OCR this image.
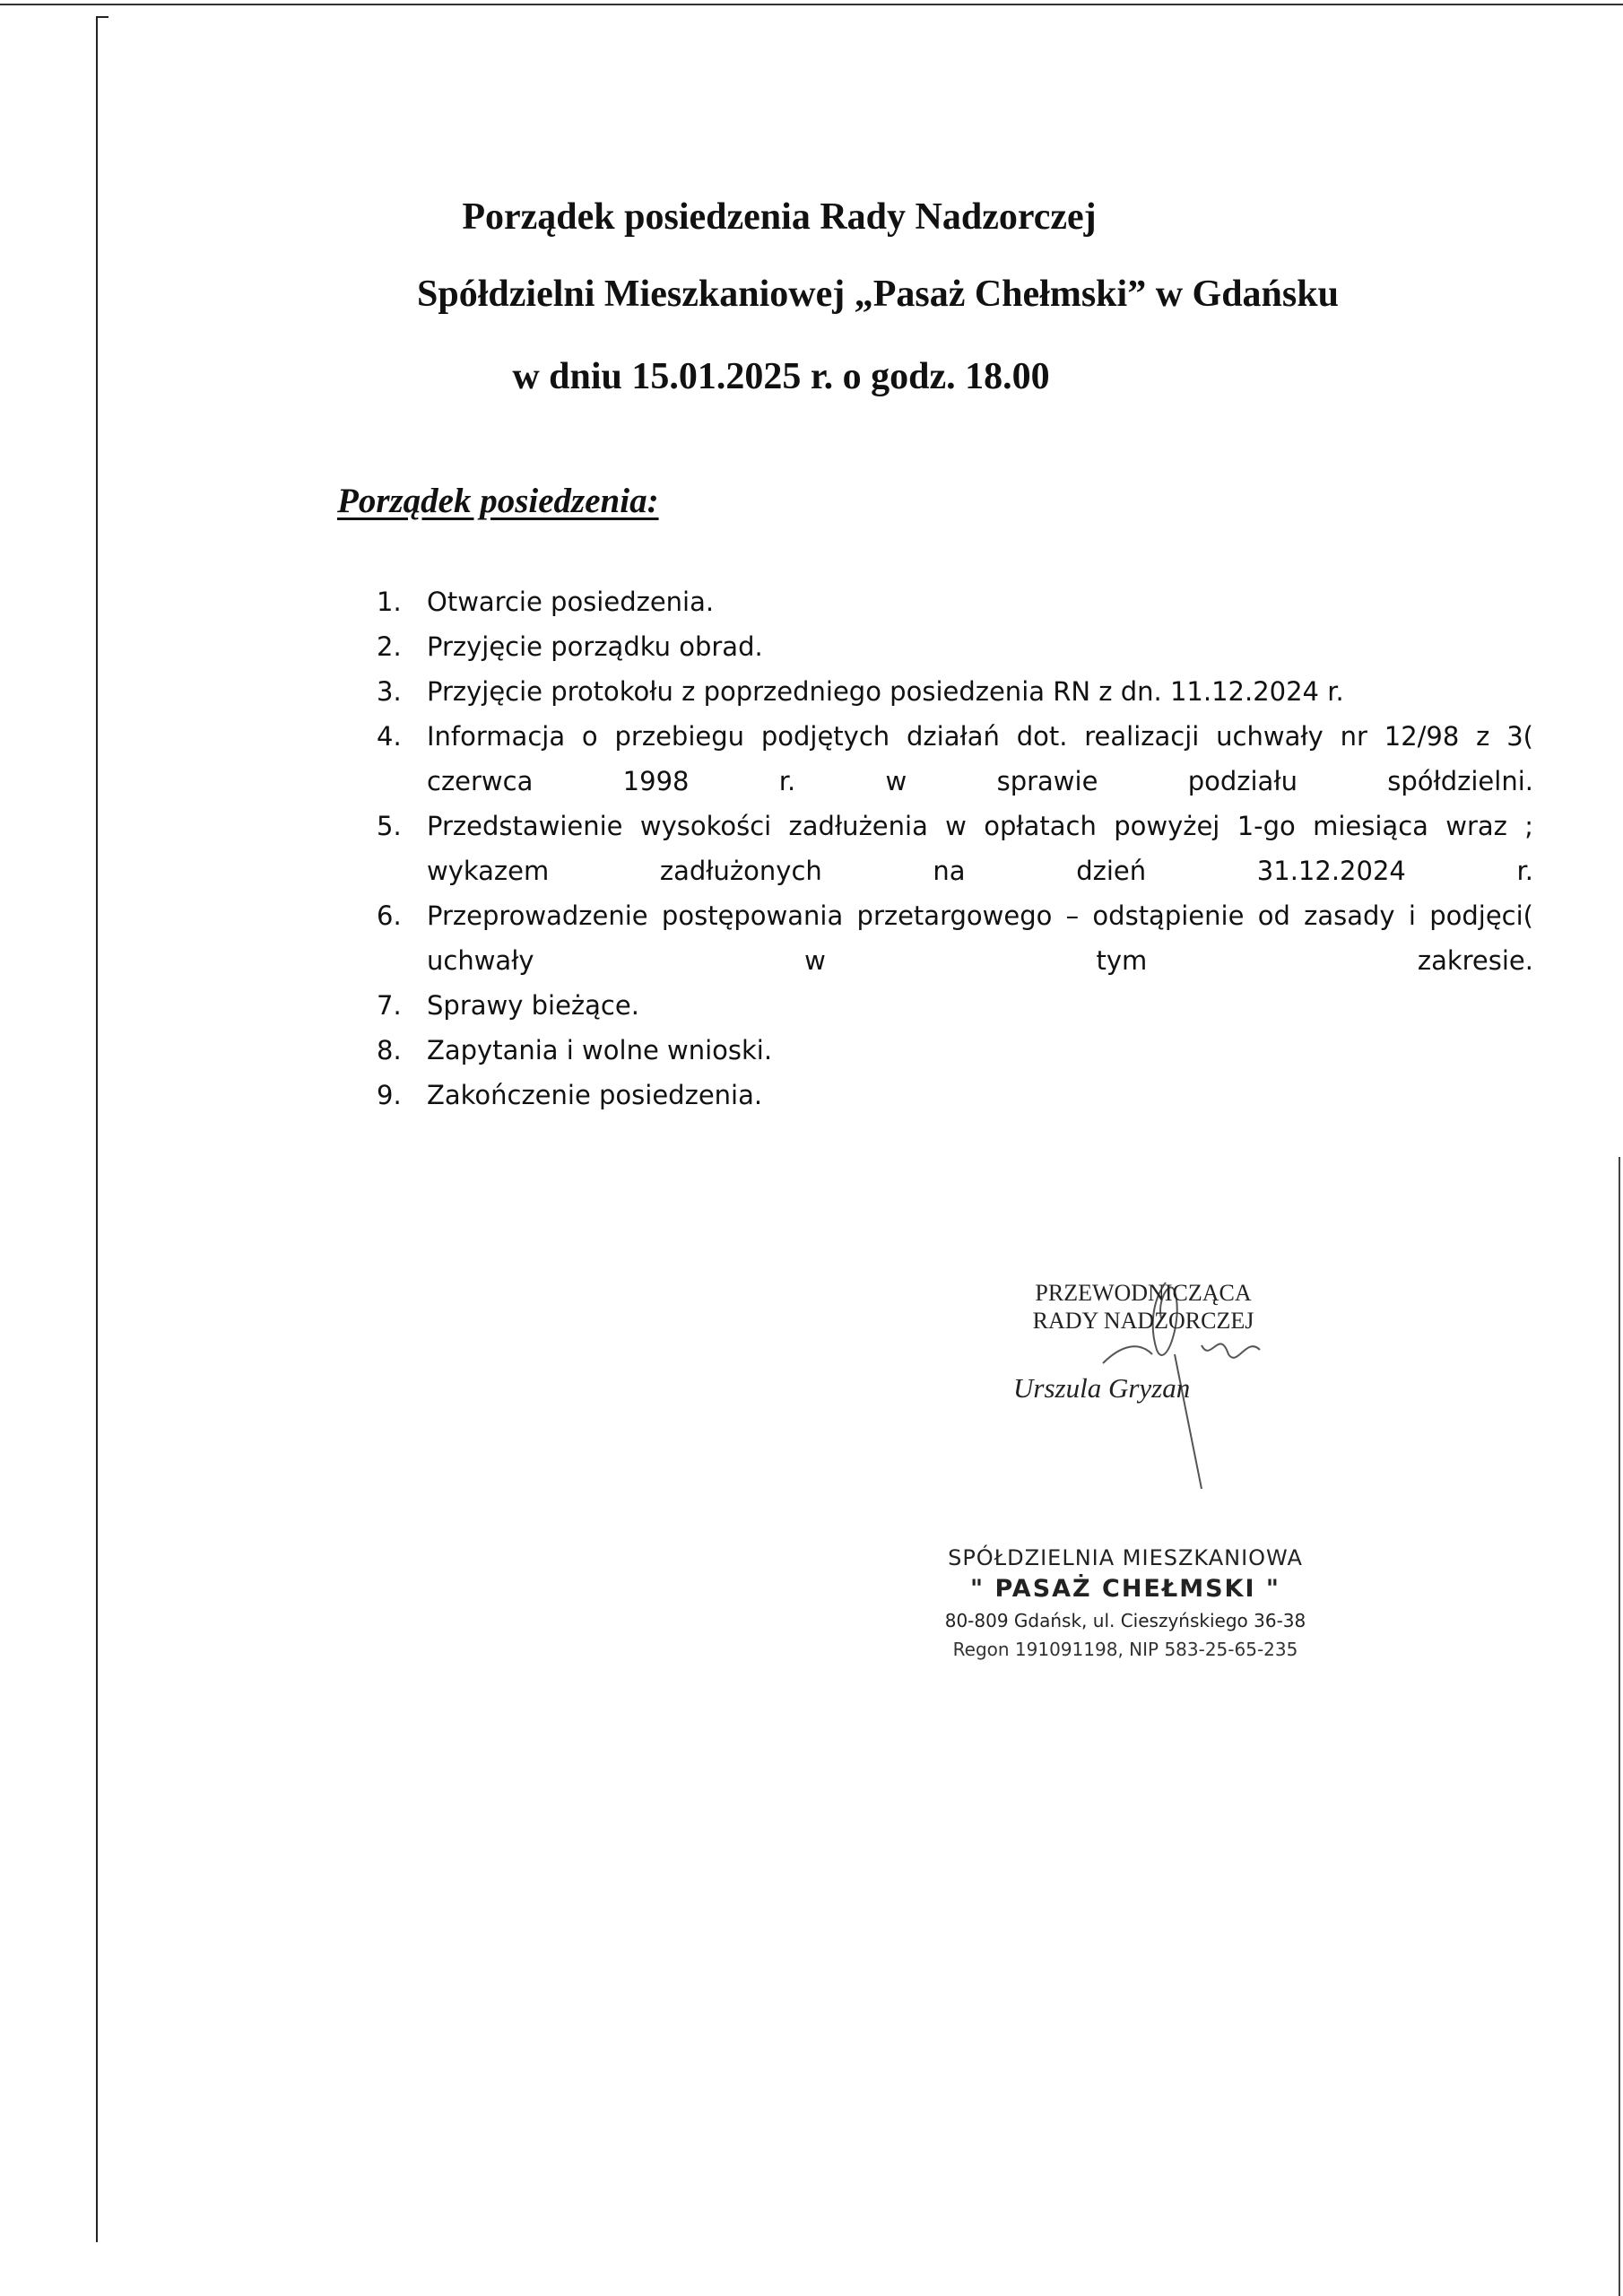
Porządek posiedzenia Rady Nadzorczej
Spółdzielni Mieszkaniowej „Pasaż Chełmski” w Gdańsku
w dniu 15.01.2025 r. o godz. 18.00
Porządek posiedzenia:
1. Otwarcie posiedzenia.
2. Przyjęcie porządku obrad.
3. Przyjęcie protokołu z poprzedniego posiedzenia RN z dn. 11.12.2024 r.
4. Informacja o przebiegu podjętych działań dot. realizacji uchwały nr 12/98 z 3( czerwca 1998 r. w sprawie podziału spółdzielni.
5. Przedstawienie wysokości zadłużenia w opłatach powyżej 1-go miesiąca wraz ; wykazem zadłużonych na dzień 31.12.2024 r.
6. Przeprowadzenie postępowania przetargowego – odstąpienie od zasady i podjęci( uchwały w tym zakresie.
7. Sprawy bieżące.
8. Zapytania i wolne wnioski.
9. Zakończenie posiedzenia.
PRZEWODNICZĄCA
RADY NADZORCZEJ
Urszula Gryzan
SPÓŁDZIELNIA MIESZKANIOWA
" PASAŻ CHEŁMSKI "
80-809 Gdańsk, ul. Cieszyńskiego 36-38
Regon 191091198, NIP 583-25-65-235
